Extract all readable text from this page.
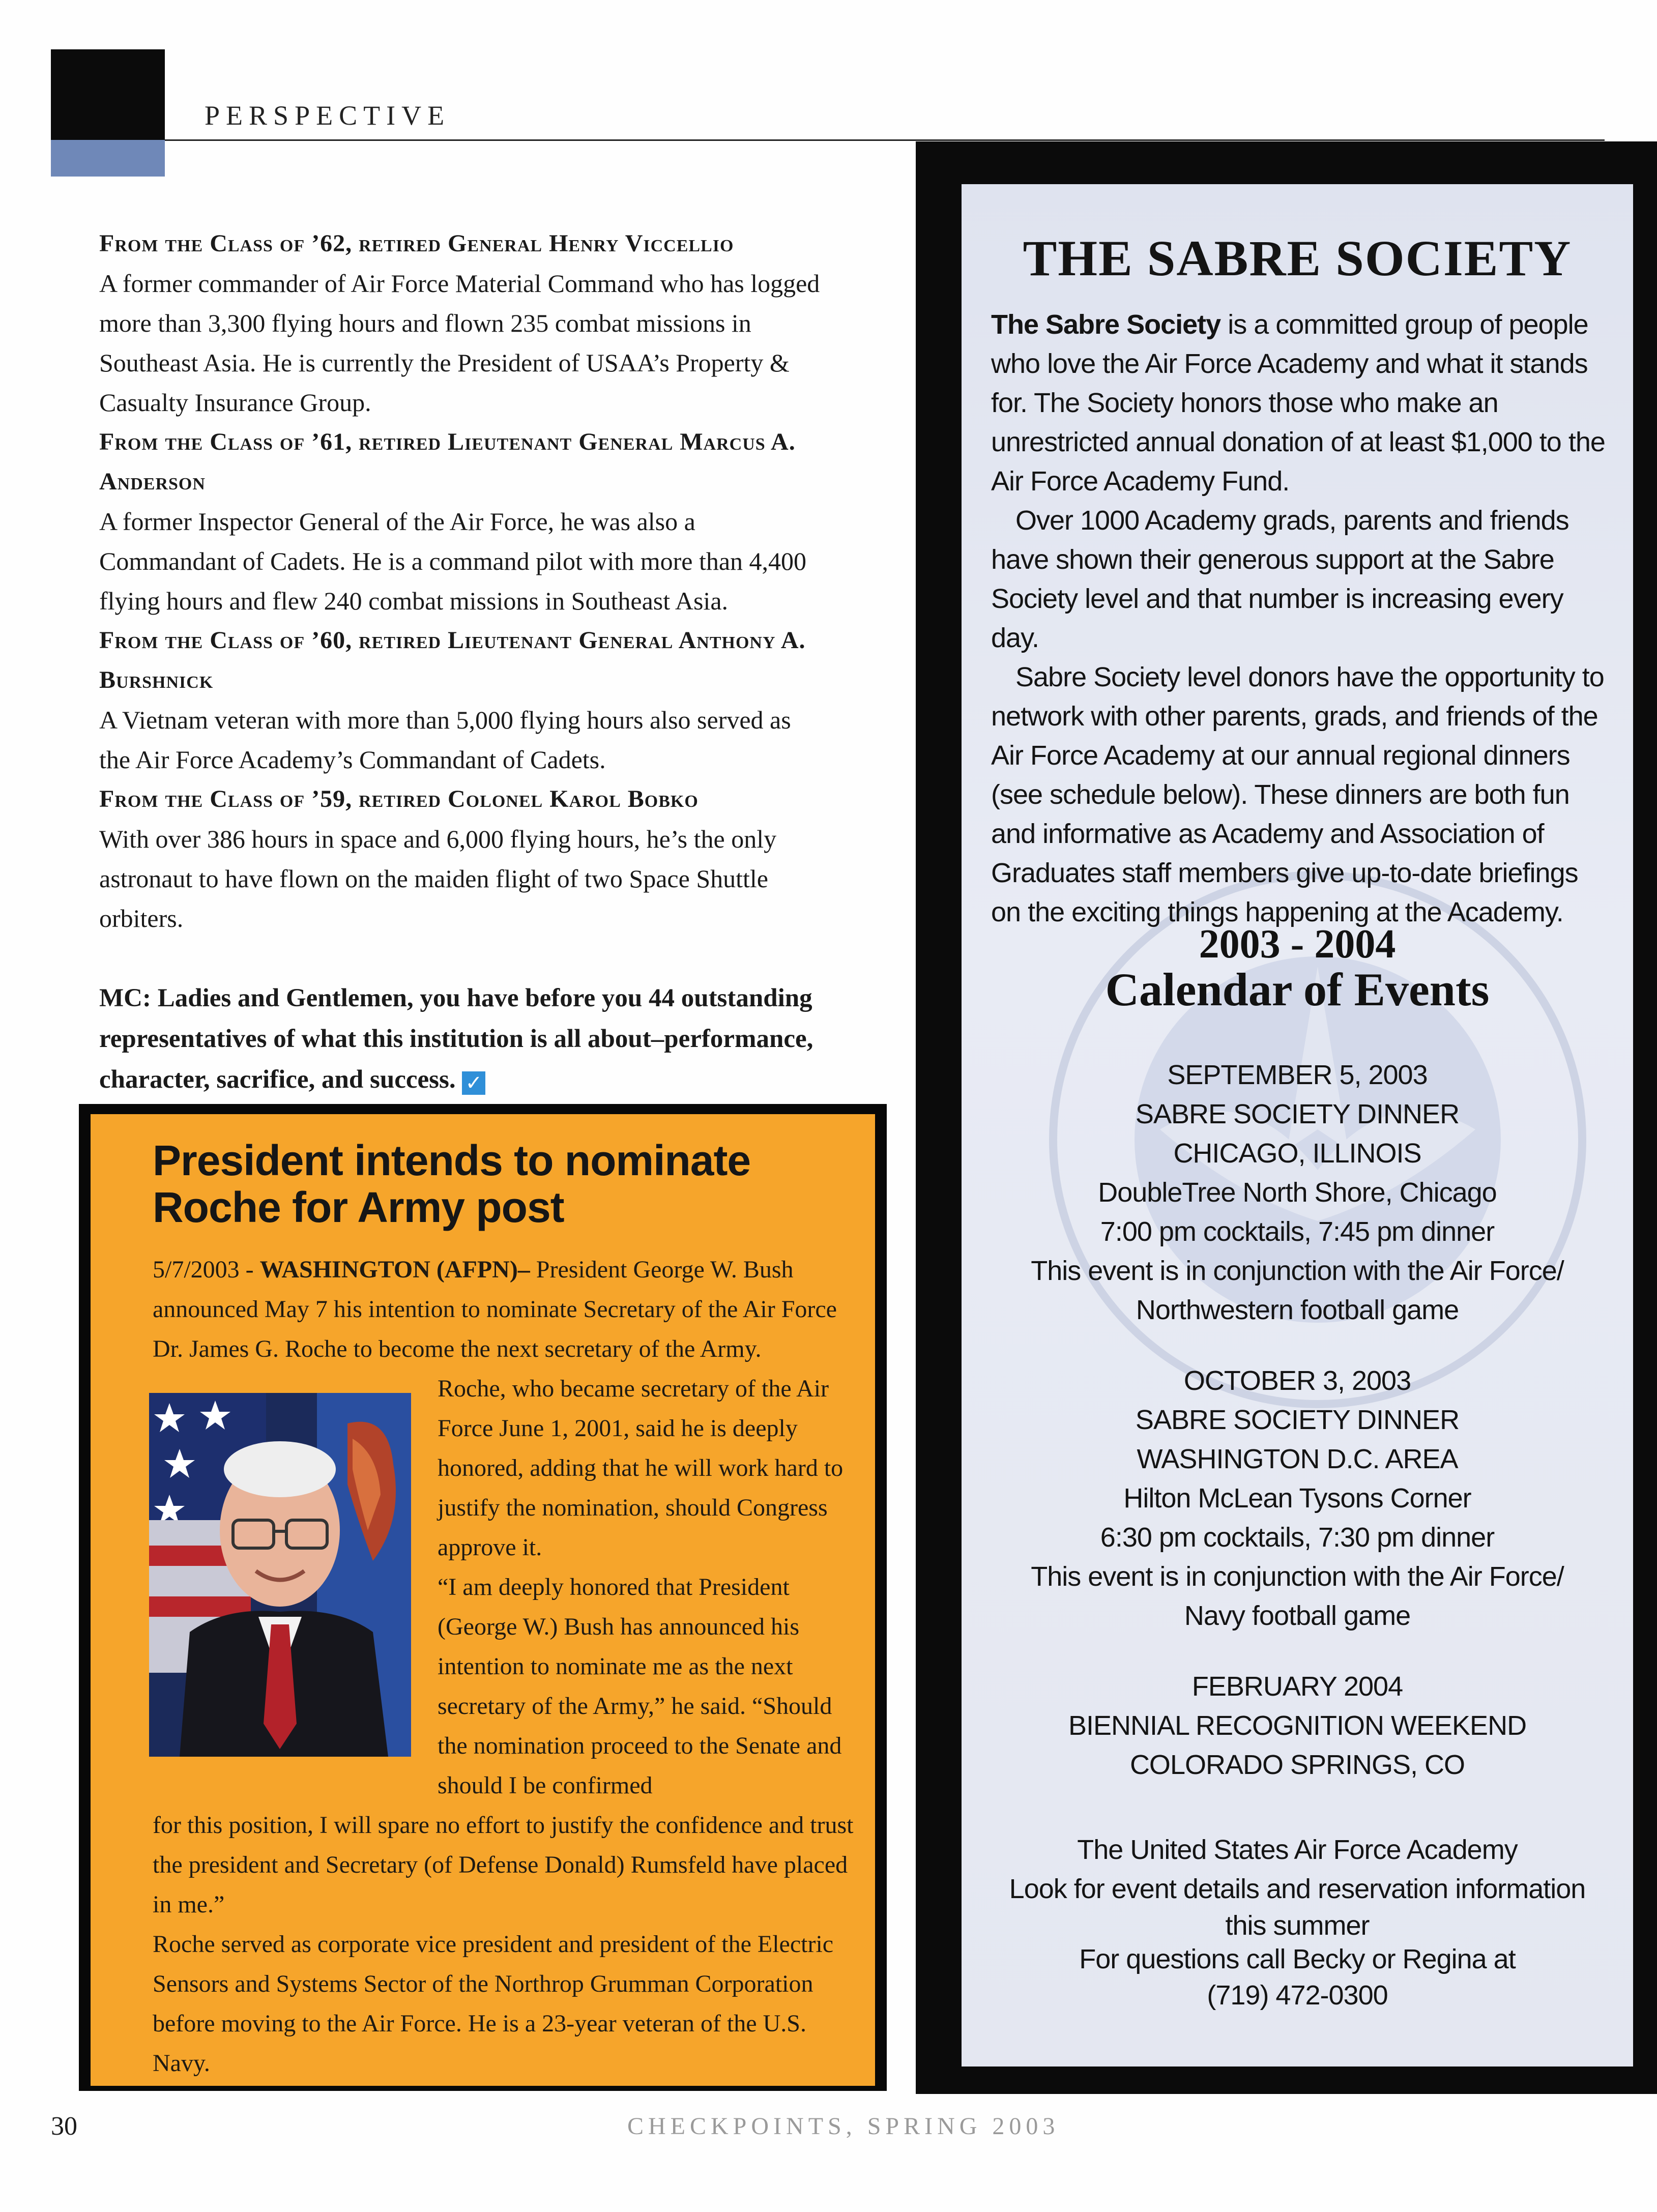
PERSPECTIVE

From the Class of ’62, retired General Henry Viccellio

A former commander of Air Force Material Command who has logged more than 3,300 flying hours and flown 235 combat missions in Southeast Asia. He is currently the President of USAA’s Property & Casualty Insurance Group.

From the Class of ’61, retired Lieutenant General Marcus A. Anderson

A former Inspector General of the Air Force, he was also a Commandant of Cadets. He is a command pilot with more than 4,400 flying hours and flew 240 combat missions in Southeast Asia.

From the Class of ’60, retired Lieutenant General Anthony A. Burshnick

A Vietnam veteran with more than 5,000 flying hours also served as the Air Force Academy’s Commandant of Cadets.

From the Class of ’59, retired Colonel Karol Bobko

With over 386 hours in space and 6,000 flying hours, he’s the only astronaut to have flown on the maiden flight of two Space Shuttle orbiters.

MC: Ladies and Gentlemen, you have before you 44 outstanding representatives of what this institution is all about–performance, character, sacrifice, and success. ✓

President intends to nominate Roche for Army post

5/7/2003 - WASHINGTON (AFPN)– President George W. Bush announced May 7 his intention to nominate Secretary of the Air Force Dr. James G. Roche to become the next secretary of the Army.

Roche, who became secretary of the Air Force June 1, 2001, said he is deeply honored, adding that he will work hard to justify the nomination, should Congress approve it.

“I am deeply honored that President (George W.) Bush has announced his intention to nominate me as the next secretary of the Army,” he said. “Should the nomination proceed to the Senate and should I be confirmed

for this position, I will spare no effort to justify the confidence and trust the president and Secretary (of Defense Donald) Rumsfeld have placed in me.”

Roche served as corporate vice president and president of the Electric Sensors and Systems Sector of the Northrop Grumman Corporation before moving to the Air Force. He is a 23-year veteran of the U.S. Navy.

THE SABRE SOCIETY

The Sabre Society is a committed group of people who love the Air Force Academy and what it stands for. The Society honors those who make an unrestricted annual donation of at least $1,000 to the Air Force Academy Fund.

Over 1000 Academy grads, parents and friends have shown their generous support at the Sabre Society level and that number is increasing every day.

Sabre Society level donors have the opportunity to network with other parents, grads, and friends of the Air Force Academy at our annual regional dinners (see schedule below). These dinners are both fun and informative as Academy and Association of Graduates staff members give up-to-date briefings on the exciting things happening at the Academy.

2003 - 2004
Calendar of Events
SEPTEMBER 5, 2003
SABRE SOCIETY DINNER
CHICAGO, ILLINOIS
DoubleTree North Shore, Chicago
7:00 pm cocktails, 7:45 pm dinner
This event is in conjunction with the Air Force/
Northwestern football game
OCTOBER 3, 2003
SABRE SOCIETY DINNER
WASHINGTON D.C. AREA
Hilton McLean Tysons Corner
6:30 pm cocktails, 7:30 pm dinner
This event is in conjunction with the Air Force/
Navy football game
FEBRUARY 2004
BIENNIAL RECOGNITION WEEKEND
COLORADO SPRINGS, CO
The United States Air Force Academy
Look for event details and reservation information
this summer
For questions call Becky or Regina at
(719) 472-0300
30	CHECKPOINTS, SPRING 2003
